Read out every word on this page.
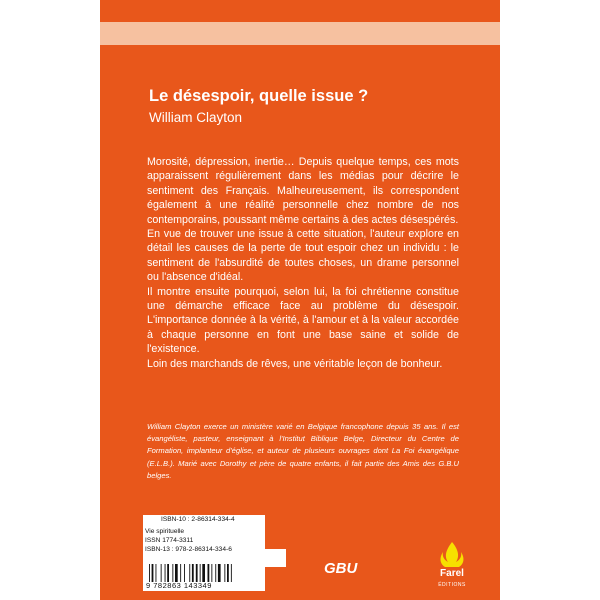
Le désespoir, quelle issue ?
William Clayton

Morosité, dépression, inertie… Depuis quelque temps, ces mots apparaissent régulièrement dans les médias pour décrire le sentiment des Français. Malheureusement, ils correspondent également à une réalité personnelle chez nombre de nos contemporains, poussant même certains à des actes désespérés.

En vue de trouver une issue à cette situation, l'auteur explore en détail les causes de la perte de tout espoir chez un individu : le sentiment de l'absurdité de toutes choses, un drame personnel ou l'absence d'idéal.

Il montre ensuite pourquoi, selon lui, la foi chrétienne constitue une démarche efficace face au problème du désespoir. L'importance donnée à la vérité, à l'amour et à la valeur accordée à chaque personne en font une base saine et solide de l'existence.

Loin des marchands de rêves, une véritable leçon de bonheur.

William Clayton exerce un ministère varié en Belgique francophone depuis 35 ans. Il est évangéliste, pasteur, enseignant à l'Institut Biblique Belge, Directeur du Centre de Formation, implanteur d'église, et auteur de plusieurs ouvrages dont La Foi évangélique (E.L.B.). Marié avec Dorothy et père de quatre enfants, il fait partie des Amis des G.B.U belges.
ISBN-10 : 2-86314-334-4
Vie spirituelle
ISSN 1774-3311
ISBN-13 : 978-2-86314-334-6
9 782863 143349
GBU	Farel
ÉDITIONS
